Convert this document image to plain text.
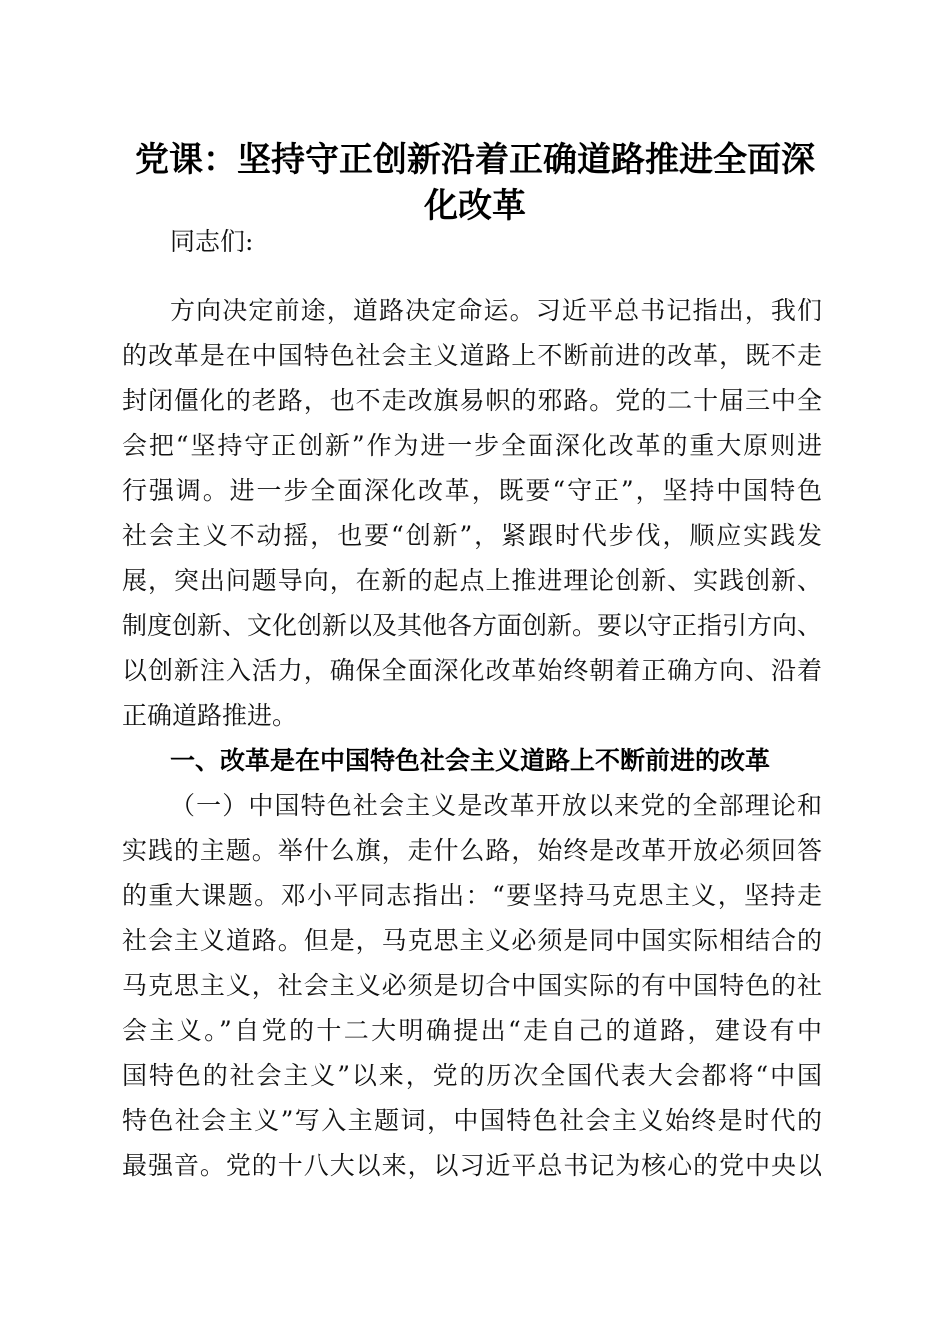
党课：坚持守正创新沿着正确道路推进全面深
化改革

同志们:

方向决定前途，道路决定命运。习近平总书记指出，我们

的改革是在中国特色社会主义道路上不断前进的改革，既不走

封闭僵化的老路，也不走改旗易帜的邪路。党的二十届三中全

会把“坚持守正创新”作为进一步全面深化改革的重大原则进

行强调。进一步全面深化改革，既要“守正”，坚持中国特色

社会主义不动摇，也要“创新”，紧跟时代步伐，顺应实践发

展，突出问题导向，在新的起点上推进理论创新、实践创新、

制度创新、文化创新以及其他各方面创新。要以守正指引方向、

以创新注入活力，确保全面深化改革始终朝着正确方向、沿着

正确道路推进。

一、改革是在中国特色社会主义道路上不断前进的改革

（一）中国特色社会主义是改革开放以来党的全部理论和

实践的主题。举什么旗，走什么路，始终是改革开放必须回答

的重大课题。邓小平同志指出：“要坚持马克思主义，坚持走

社会主义道路。但是，马克思主义必须是同中国实际相结合的

马克思主义，社会主义必须是切合中国实际的有中国特色的社

会主义。”自党的十二大明确提出“走自己的道路，建设有中

国特色的社会主义”以来，党的历次全国代表大会都将“中国

特色社会主义”写入主题词，中国特色社会主义始终是时代的

最强音。党的十八大以来，以习近平总书记为核心的党中央以
